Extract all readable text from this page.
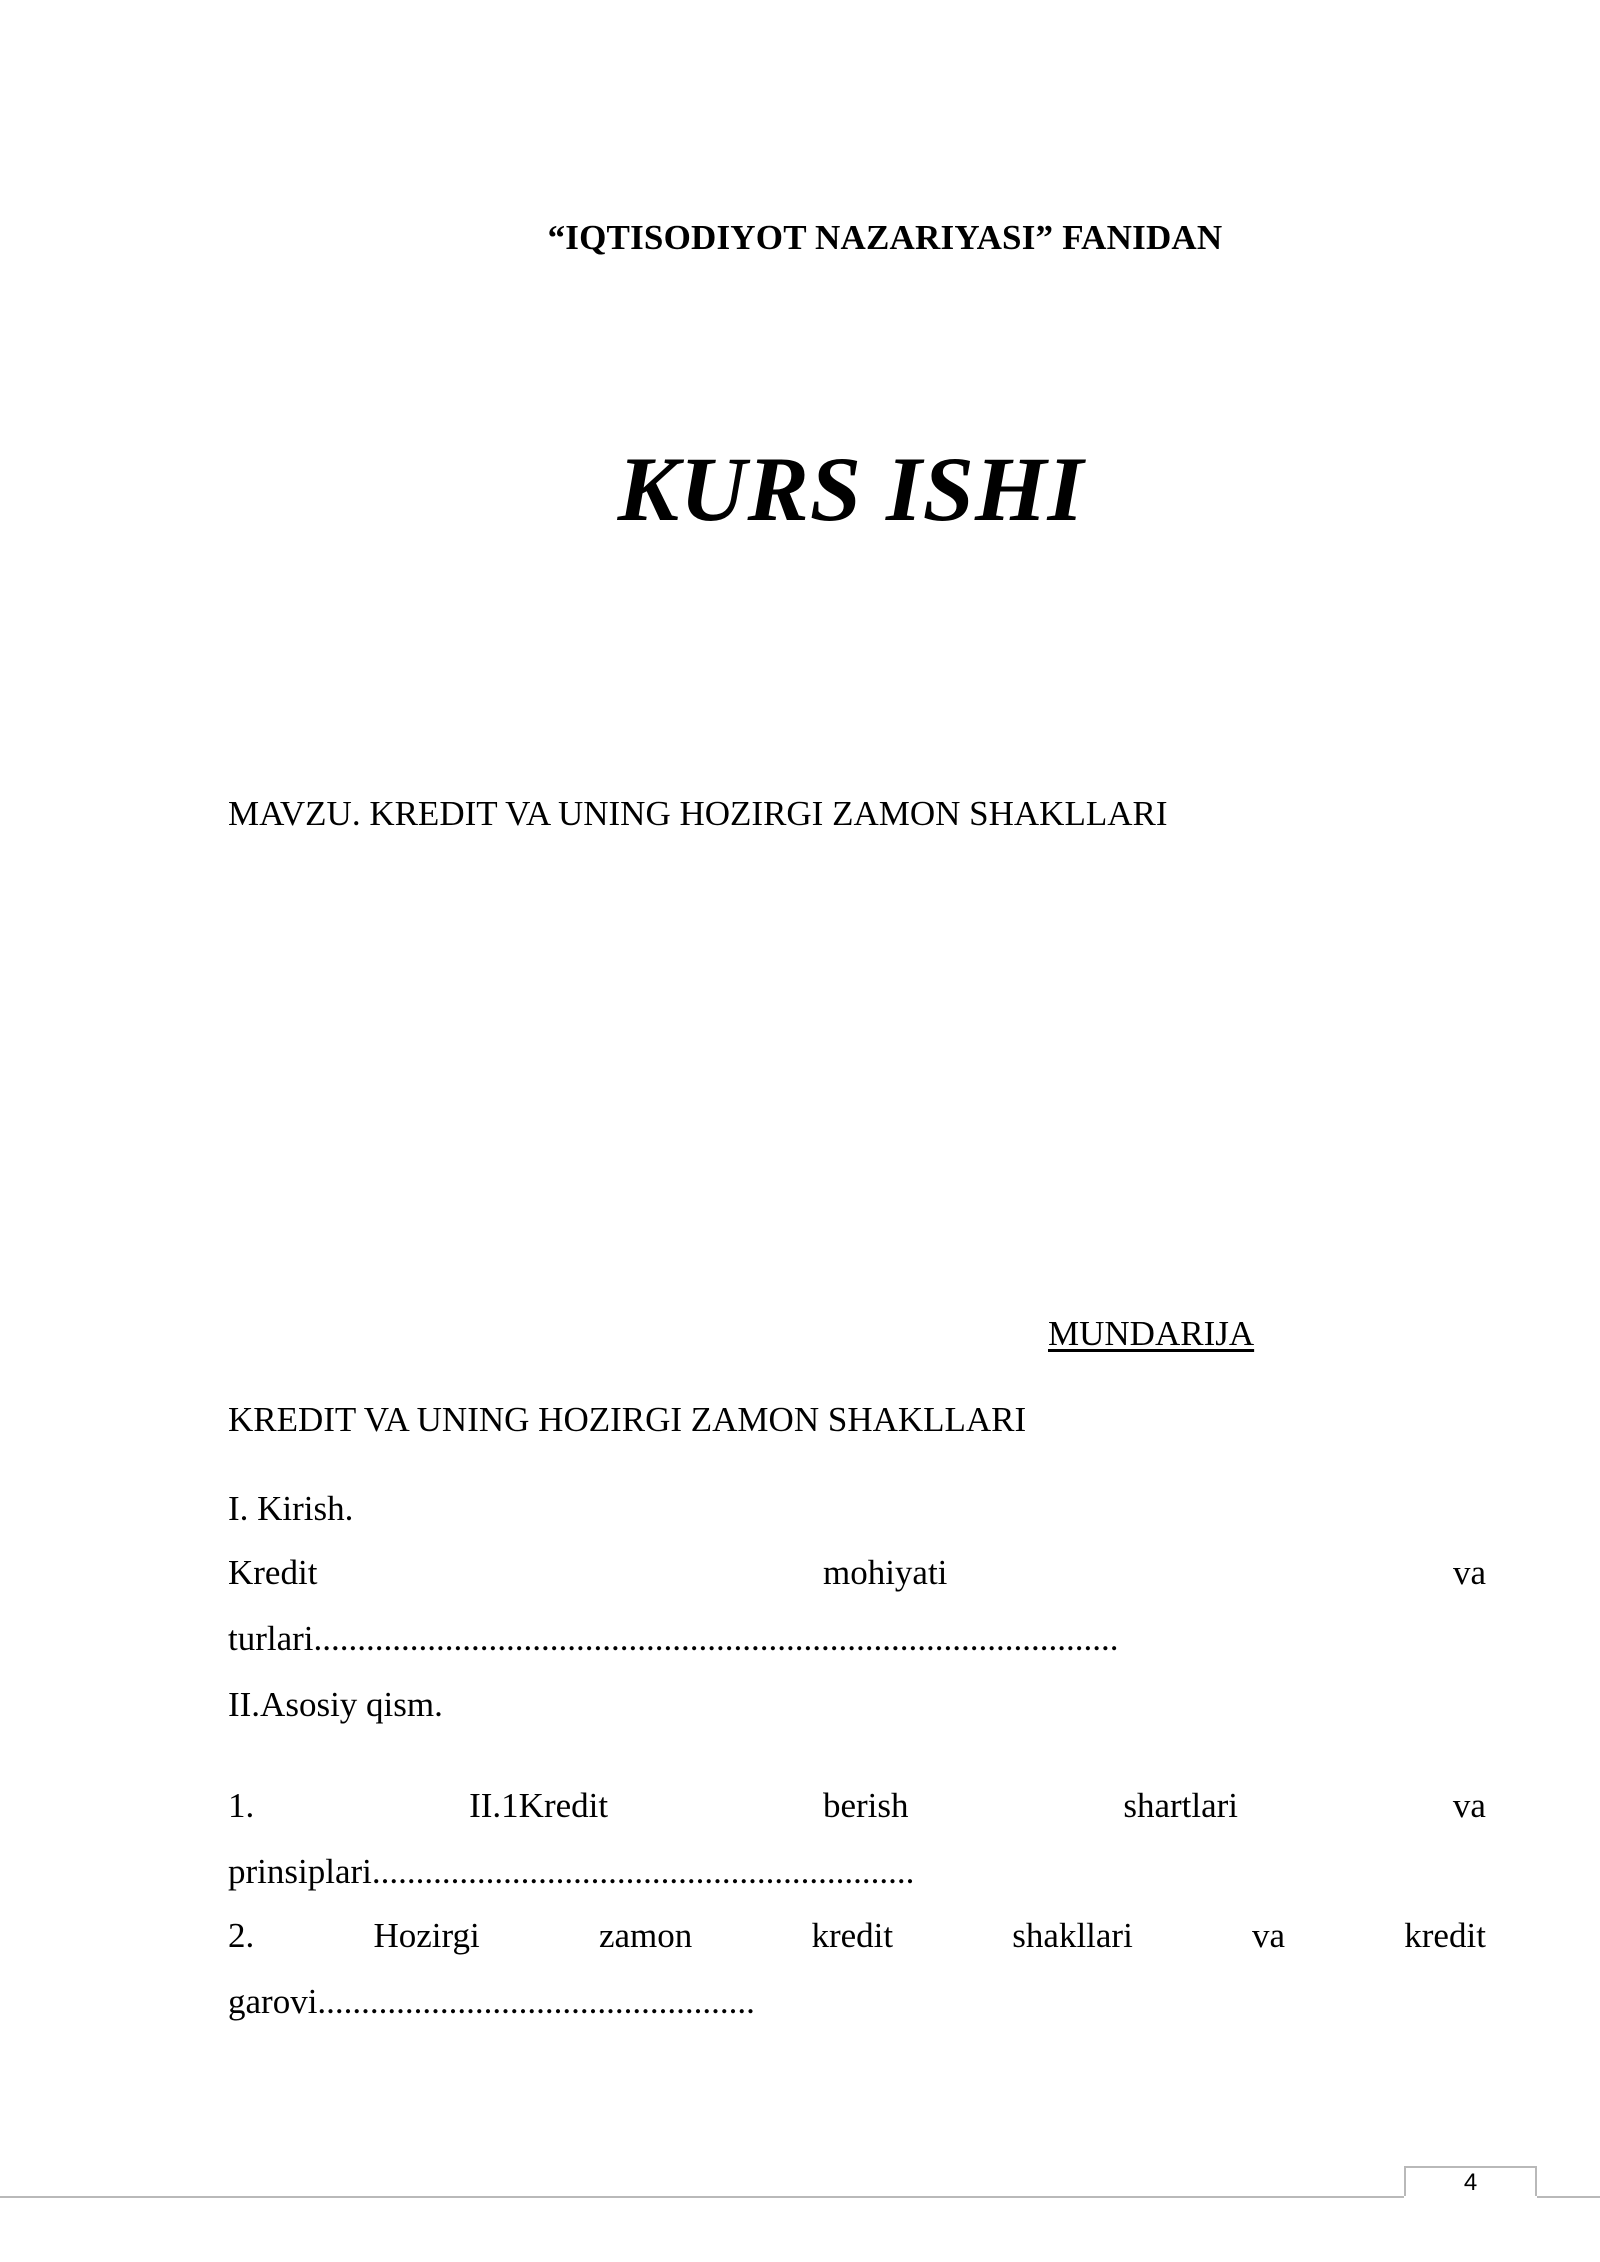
“IQTISODIYOT NAZARIYASI” FANIDAN
KURS ISHI
MAVZU. KREDIT VA UNING HOZIRGI ZAMON SHAKLLARI
MUNDARIJA
KREDIT VA UNING HOZIRGI ZAMON SHAKLLARI
I. Kirish.
Kredit	mohiyati	va
turlari............................................................................................
II.Asosiy qism.
1.	II.1Kredit	berish	shartlari	va
prinsiplari..............................................................
2.	Hozirgi	zamon	kredit	shakllari	va	kredit
garovi..................................................
4
